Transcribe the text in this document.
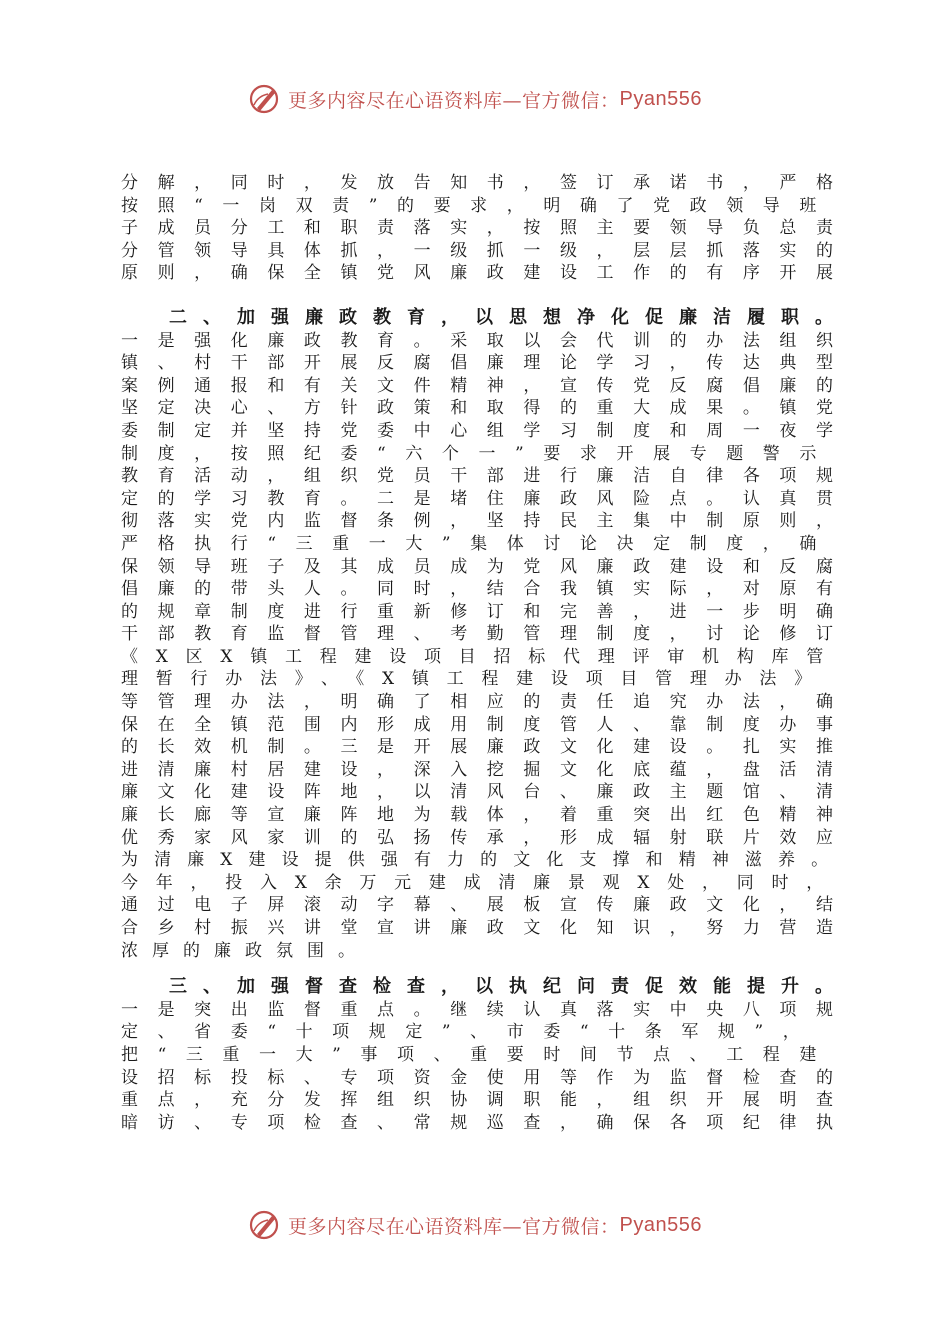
更多内容尽在心语资料库—官方微信： Pyan556
分解，同时，发放告知书，签订承诺书，严格
按照“一岗双责”的要求，明确了党政领导班
子成员分工和职责落实，按照主要领导负总责
分管领导具体抓，一级抓一级，层层抓落实的
原则，确保全镇党风廉政建设工作的有序开展
二、加强廉政教育，以思想净化促廉洁履职。
一是强化廉政教育。采取以会代训的办法组织
镇、村干部开展反腐倡廉理论学习，传达典型
案例通报和有关文件精神，宣传党反腐倡廉的
坚定决心、方针政策和取得的重大成果。镇党
委制定并坚持党委中心组学习制度和周一夜学
制度，按照纪委“六个一”要求开展专题警示
教育活动，组织党员干部进行廉洁自律各项规
定的学习教育。二是堵住廉政风险点。认真贯
彻落实党内监督条例，坚持民主集中制原则，
严格执行“三重一大”集体讨论决定制度，确
保领导班子及其成员成为党风廉政建设和反腐
倡廉的带头人。同时，结合我镇实际，对原有
的规章制度进行重新修订和完善，进一步明确
干部教育监督管理、考勤管理制度，讨论修订
《X区X镇工程建设项目招标代理评审机构库管
理暂行办法》、《X镇工程建设项目管理办法》
等管理办法，明确了相应的责任追究办法，确
保在全镇范围内形成用制度管人、靠制度办事
的长效机制。三是开展廉政文化建设。扎实推
进清廉村居建设，深入挖掘文化底蕴，盘活清
廉文化建设阵地，以清风台、廉政主题馆、清
廉长廊等宣廉阵地为载体，着重突出红色精神
优秀家风家训的弘扬传承，形成辐射联片效应
为清廉X建设提供强有力的文化支撑和精神滋养。
今年，投入X余万元建成清廉景观X处，同时，
通过电子屏滚动字幕、展板宣传廉政文化，结
合乡村振兴讲堂宣讲廉政文化知识，努力营造
浓厚的廉政氛围。
三、加强督查检查，以执纪问责促效能提升。
一是突出监督重点。继续认真落实中央八项规
定、省委“十项规定”、市委“十条军规”，
把“三重一大”事项、重要时间节点、工程建
设招标投标、专项资金使用等作为监督检查的
重点，充分发挥组织协调职能，组织开展明查
暗访、专项检查、常规巡查，确保各项纪律执
更多内容尽在心语资料库—官方微信： Pyan556
